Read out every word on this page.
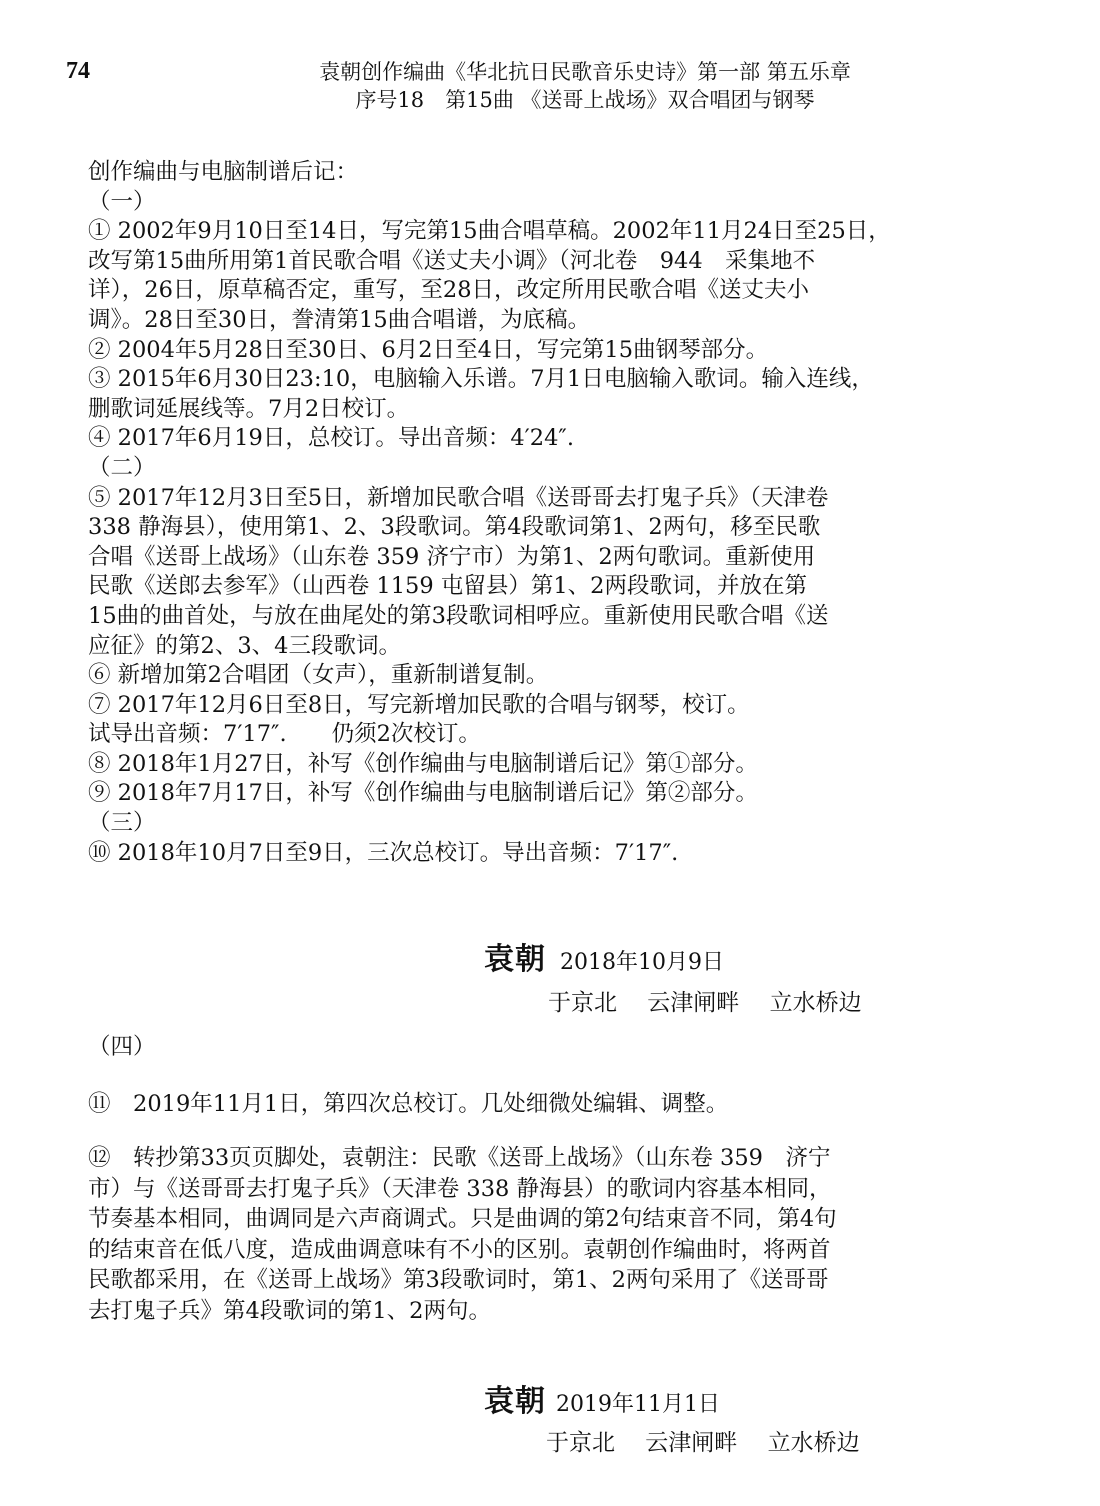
74	袁朝创作编曲《华北抗日民歌音乐史诗》第一部 第五乐章
序号18　第15曲 《送哥上战场》双合唱团与钢琴
创作编曲与电脑制谱后记：
（一）
① 2002年9月10日至14日，写完第15曲合唱草稿。2002年11月24日至25日，
改写第15曲所用第1首民歌合唱《送丈夫小调》（河北卷　944　采集地不
详），26日，原草稿否定，重写，至28日，改定所用民歌合唱《送丈夫小
调》。28日至30日，誊清第15曲合唱谱，为底稿。
② 2004年5月28日至30日、6月2日至4日，写完第15曲钢琴部分。
③ 2015年6月30日23:10，电脑输入乐谱。7月1日电脑输入歌词。输入连线，
删歌词延展线等。7月2日校订。
④ 2017年6月19日，总校订。导出音频：4′24″.
（二）
⑤ 2017年12月3日至5日，新增加民歌合唱《送哥哥去打鬼子兵》（天津卷
338 静海县），使用第1、2、3段歌词。第4段歌词第1、2两句，移至民歌
合唱《送哥上战场》（山东卷 359 济宁市）为第1、2两句歌词。重新使用
民歌《送郎去参军》（山西卷 1159 屯留县）第1、2两段歌词，并放在第
15曲的曲首处，与放在曲尾处的第3段歌词相呼应。重新使用民歌合唱《送
应征》的第2、3、4三段歌词。
⑥ 新增加第2合唱团（女声），重新制谱复制。
⑦ 2017年12月6日至8日，写完新增加民歌的合唱与钢琴，校订。
试导出音频：7′17″.　　仍须2次校订。
⑧ 2018年1月27日，补写《创作编曲与电脑制谱后记》第①部分。
⑨ 2018年7月17日，补写《创作编曲与电脑制谱后记》第②部分。
（三）
⑩ 2018年10月7日至9日，三次总校订。导出音频：7′17″.
袁朝 2018年10月9日
于京北　 云津闸畔　 立水桥边
（四）
⑪　2019年11月1日，第四次总校订。几处细微处编辑、调整。
⑫　转抄第33页页脚处，袁朝注：民歌《送哥上战场》（山东卷 359　济宁
市）与《送哥哥去打鬼子兵》（天津卷 338 静海县）的歌词内容基本相同，
节奏基本相同，曲调同是六声商调式。只是曲调的第2句结束音不同，第4句
的结束音在低八度，造成曲调意味有不小的区别。袁朝创作编曲时，将两首
民歌都采用，在《送哥上战场》第3段歌词时，第1、2两句采用了《送哥哥
去打鬼子兵》第4段歌词的第1、2两句。
袁朝 2019年11月1日
于京北　 云津闸畔　 立水桥边
